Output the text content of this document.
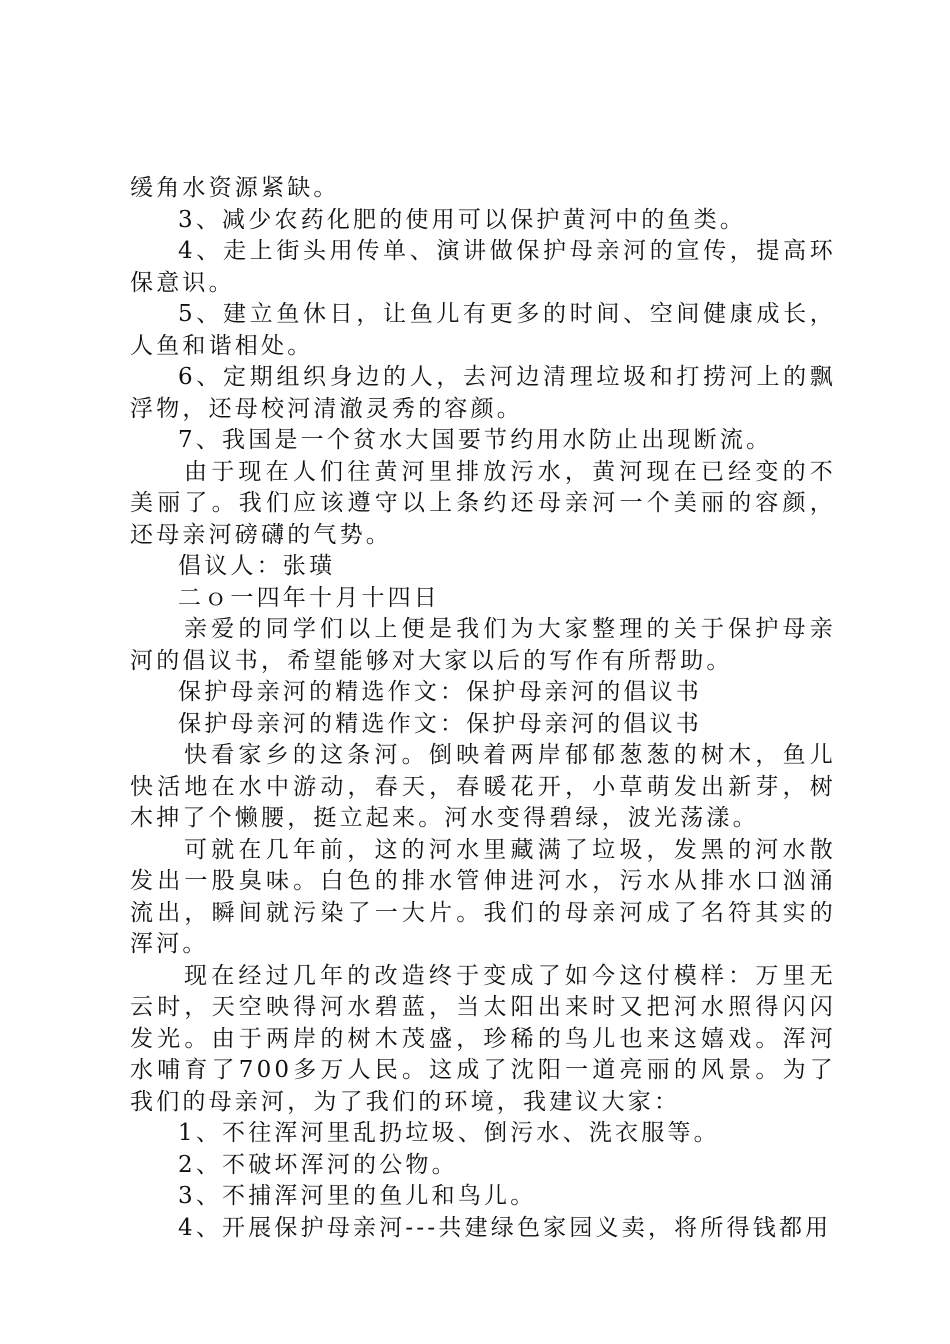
缓角水资源紧缺。

3、减少农药化肥的使用可以保护黄河中的鱼类。

4、走上街头用传单、演讲做保护母亲河的宣传，提高环保意识。

5、建立鱼休日，让鱼儿有更多的时间、空间健康成长，人鱼和谐相处。

6、定期组织身边的人，去河边清理垃圾和打捞河上的飘浮物，还母校河清澈灵秀的容颜。

7、我国是一个贫水大国要节约用水防止出现断流。

由于现在人们往黄河里排放污水，黄河现在已经变的不美丽了。我们应该遵守以上条约还母亲河一个美丽的容颜，还母亲河磅礴的气势。

倡议人：张璜

二ｏ一四年十月十四日

亲爱的同学们以上便是我们为大家整理的关于保护母亲河的倡议书，希望能够对大家以后的写作有所帮助。

保护母亲河的精选作文：保护母亲河的倡议书

保护母亲河的精选作文：保护母亲河的倡议书

快看家乡的这条河。倒映着两岸郁郁葱葱的树木，鱼儿快活地在水中游动，春天，春暖花开，小草萌发出新芽，树木抻了个懒腰，挺立起来。河水变得碧绿，波光荡漾。

可就在几年前，这的河水里藏满了垃圾，发黑的河水散发出一股臭味。白色的排水管伸进河水，污水从排水口汹涌流出，瞬间就污染了一大片。我们的母亲河成了名符其实的浑河。

现在经过几年的改造终于变成了如今这付模样：万里无云时，天空映得河水碧蓝，当太阳出来时又把河水照得闪闪发光。由于两岸的树木茂盛，珍稀的鸟儿也来这嬉戏。浑河水哺育了700多万人民。这成了沈阳一道亮丽的风景。为了我们的母亲河，为了我们的环境，我建议大家：

1、不往浑河里乱扔垃圾、倒污水、洗衣服等。

2、不破坏浑河的公物。

3、不捕浑河里的鱼儿和鸟儿。

4、开展保护母亲河---共建绿色家园义卖，将所得钱都用
